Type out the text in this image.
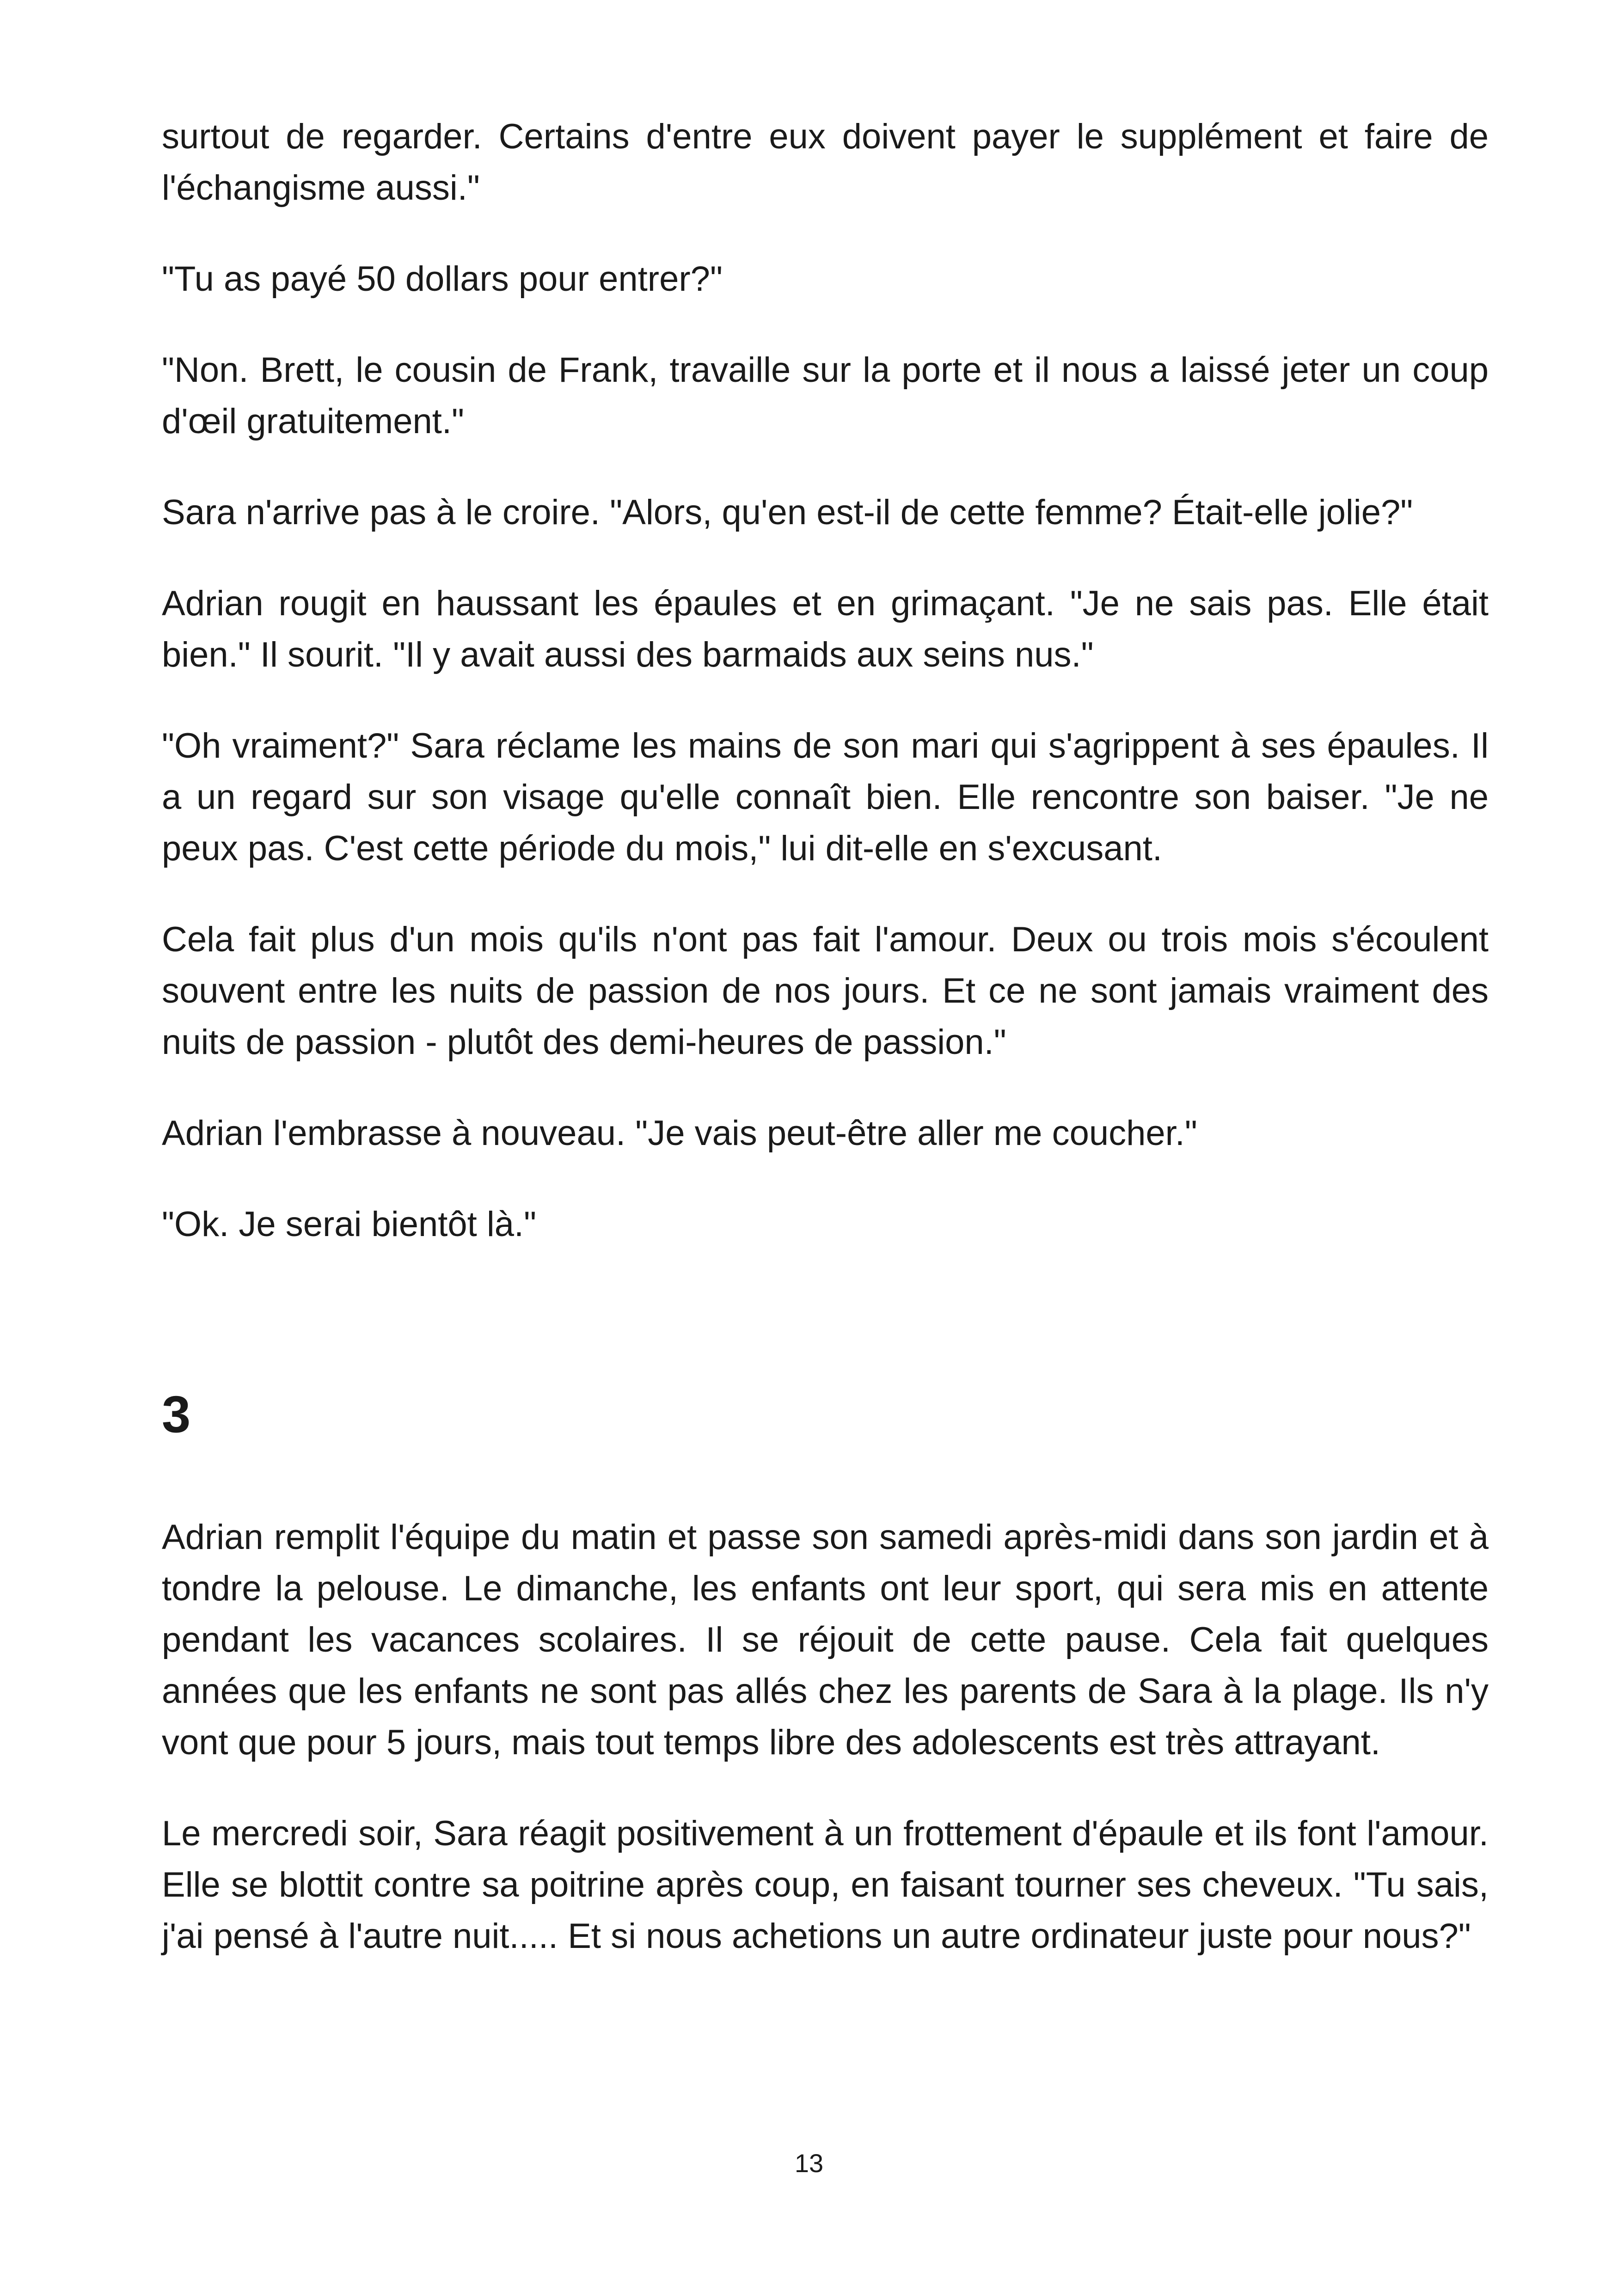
surtout de regarder. Certains d'entre eux doivent payer le supplément et faire de l'échangisme aussi."

"Tu as payé 50 dollars pour entrer?"

"Non. Brett, le cousin de Frank, travaille sur la porte et il nous a laissé jeter un coup d'œil gratuitement."

Sara n'arrive pas à le croire. "Alors, qu'en est-il de cette femme? Était-elle jolie?"

Adrian rougit en haussant les épaules et en grimaçant. "Je ne sais pas. Elle était bien." Il sourit. "Il y avait aussi des barmaids aux seins nus."

"Oh vraiment?" Sara réclame les mains de son mari qui s'agrippent à ses épaules. Il a un regard sur son visage qu'elle connaît bien. Elle rencontre son baiser. "Je ne peux pas. C'est cette période du mois," lui dit-elle en s'excusant.

Cela fait plus d'un mois qu'ils n'ont pas fait l'amour. Deux ou trois mois s'écoulent souvent entre les nuits de passion de nos jours. Et ce ne sont jamais vraiment des nuits de passion - plutôt des demi-heures de passion."

Adrian l'embrasse à nouveau. "Je vais peut-être aller me coucher."

"Ok. Je serai bientôt là."

3

Adrian remplit l'équipe du matin et passe son samedi après-midi dans son jardin et à tondre la pelouse. Le dimanche, les enfants ont leur sport, qui sera mis en attente pendant les vacances scolaires. Il se réjouit de cette pause. Cela fait quelques années que les enfants ne sont pas allés chez les parents de Sara à la plage. Ils n'y vont que pour 5 jours, mais tout temps libre des adolescents est très attrayant.

Le mercredi soir, Sara réagit positivement à un frottement d'épaule et ils font l'amour. Elle se blottit contre sa poitrine après coup, en faisant tourner ses cheveux. "Tu sais, j'ai pensé à l'autre nuit..... Et si nous achetions un autre ordinateur juste pour nous?"

13
